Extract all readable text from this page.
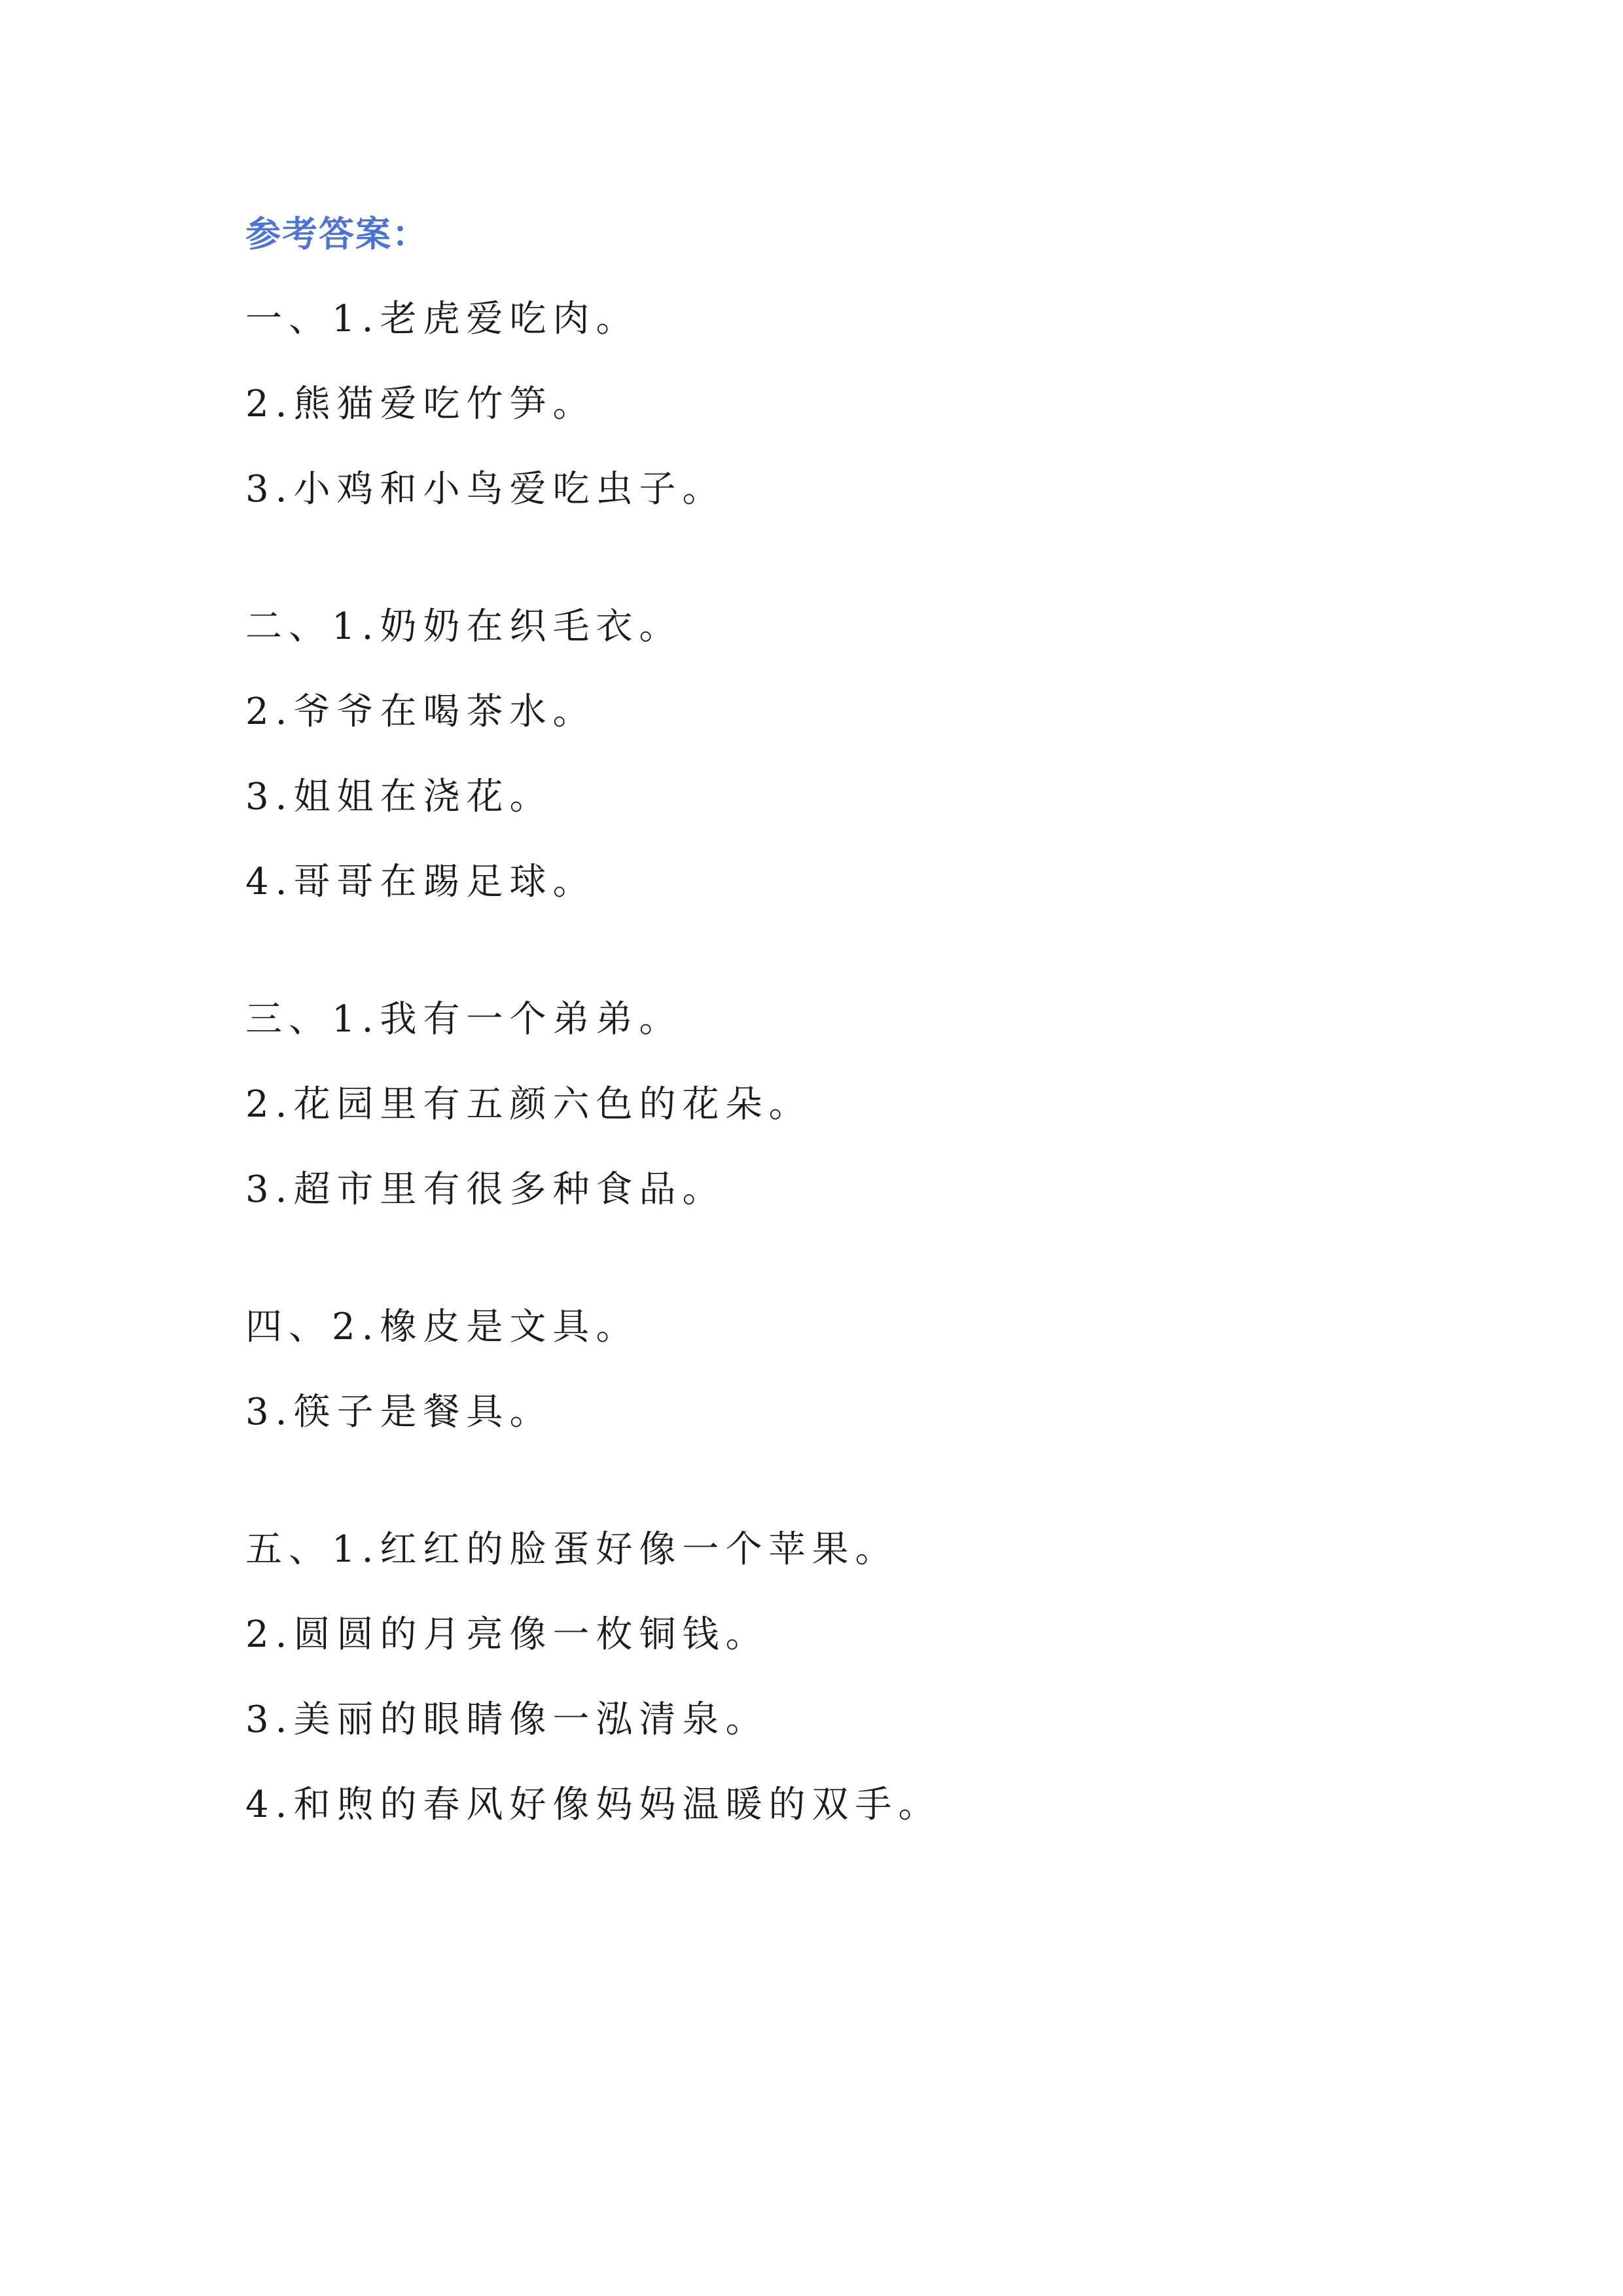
参考答案：
一、1.老虎爱吃肉。
2.熊猫爱吃竹笋。
3.小鸡和小鸟爱吃虫子。
二、1.奶奶在织毛衣。
2.爷爷在喝茶水。
3.姐姐在浇花。
4.哥哥在踢足球。
三、1.我有一个弟弟。
2.花园里有五颜六色的花朵。
3.超市里有很多种食品。
四、2.橡皮是文具。
3.筷子是餐具。
五、1.红红的脸蛋好像一个苹果。
2.圆圆的月亮像一枚铜钱。
3.美丽的眼睛像一泓清泉。
4.和煦的春风好像妈妈温暖的双手。
